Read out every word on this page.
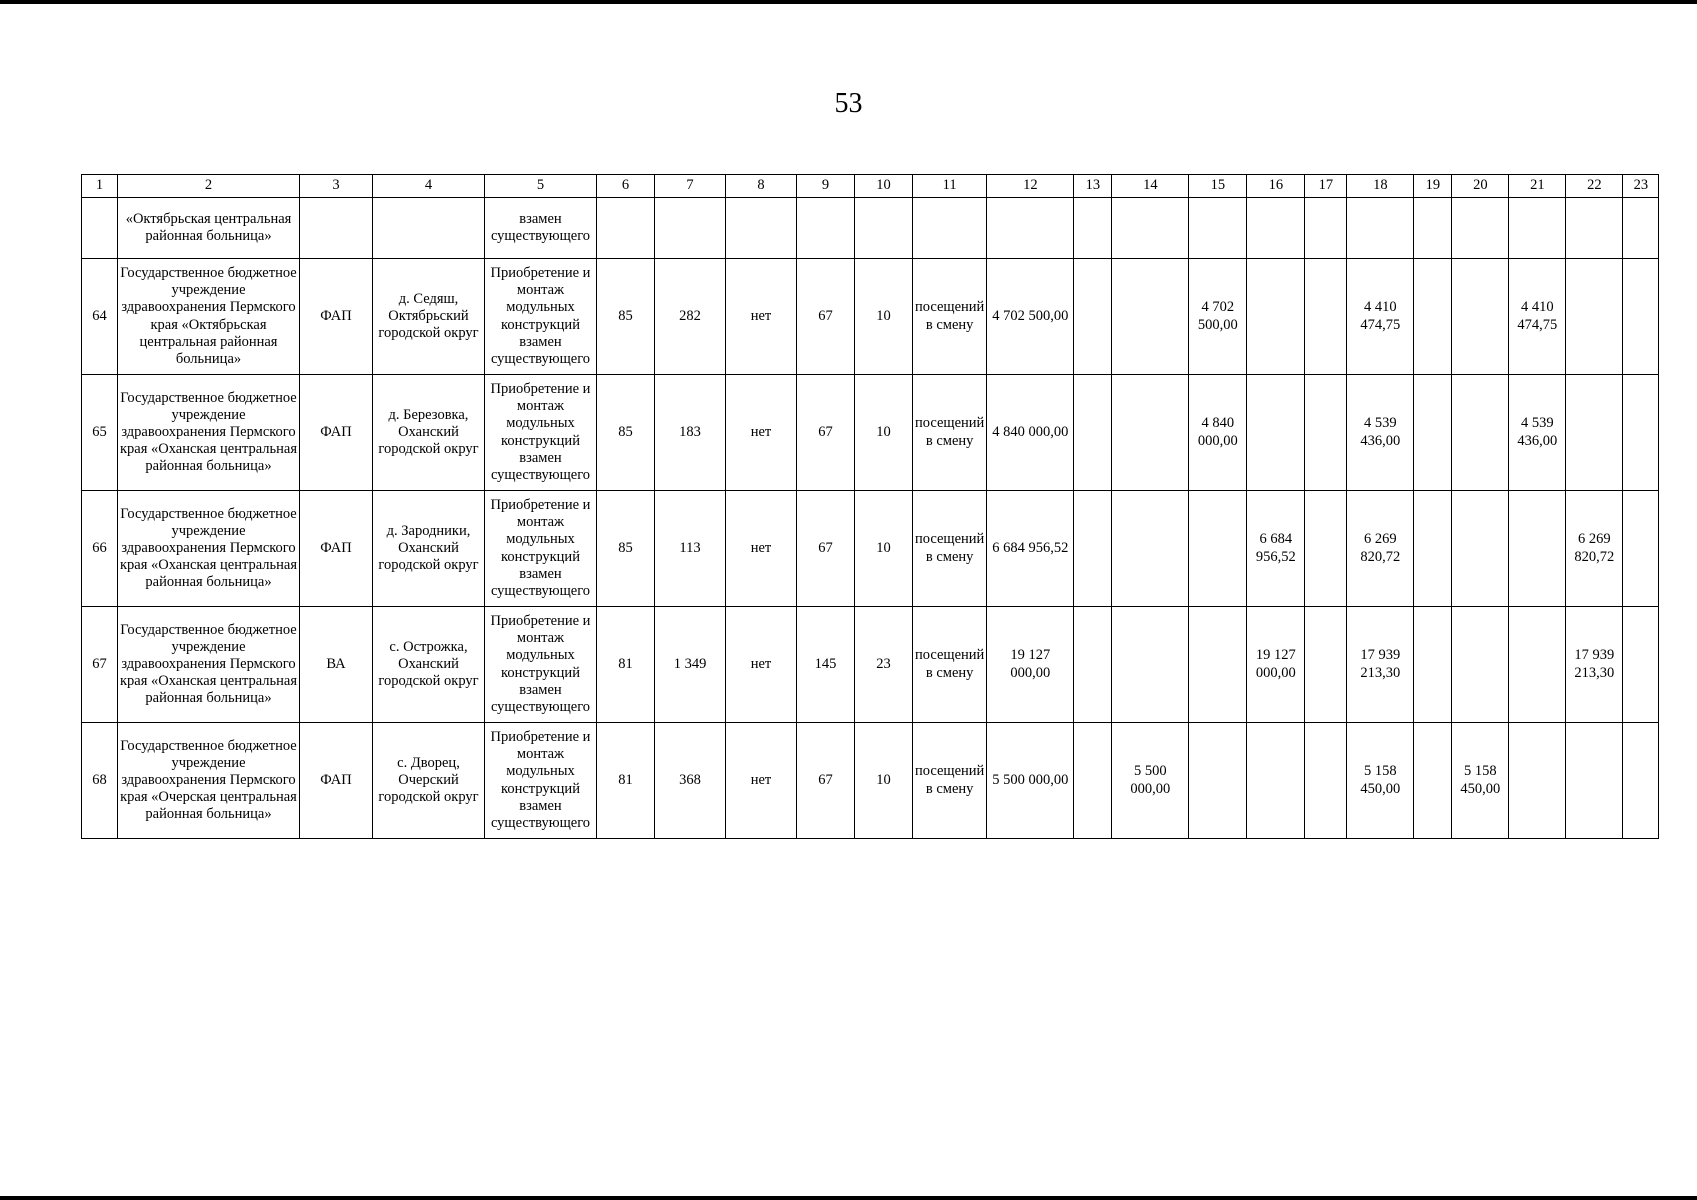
53
1	2	3	4	5	6	7	8	9	10	11	12	13	14	15	16	17	18	19	20	21	22	23
	«Октябрьская центральная районная больница»			взамен существующего																		
64	Государственное бюджетное учреждение здравоохранения Пермского края «Октябрьская центральная районная больница»	ФАП	д. Седяш, Октябрьский городской округ	Приобретение и монтаж модульных конструкций взамен существующего	85	282	нет	67	10	посещений в смену	4 702 500,00			4 702 500,00			4 410 474,75			4 410 474,75		
65	Государственное бюджетное учреждение здравоохранения Пермского края «Оханская центральная районная больница»	ФАП	д. Березовка, Оханский городской округ	Приобретение и монтаж модульных конструкций взамен существующего	85	183	нет	67	10	посещений в смену	4 840 000,00			4 840 000,00			4 539 436,00			4 539 436,00		
66	Государственное бюджетное учреждение здравоохранения Пермского края «Оханская центральная районная больница»	ФАП	д. Зародники, Оханский городской округ	Приобретение и монтаж модульных конструкций взамен существующего	85	113	нет	67	10	посещений в смену	6 684 956,52				6 684 956,52		6 269 820,72				6 269 820,72	
67	Государственное бюджетное учреждение здравоохранения Пермского края «Оханская центральная районная больница»	ВА	с. Острожка, Оханский городской округ	Приобретение и монтаж модульных конструкций взамен существующего	81	1 349	нет	145	23	посещений в смену	19 127 000,00				19 127 000,00		17 939 213,30				17 939 213,30	
68	Государственное бюджетное учреждение здравоохранения Пермского края «Очерская центральная районная больница»	ФАП	с. Дворец, Очерский городской округ	Приобретение и монтаж модульных конструкций взамен существующего	81	368	нет	67	10	посещений в смену	5 500 000,00		5 500 000,00				5 158 450,00		5 158 450,00			
